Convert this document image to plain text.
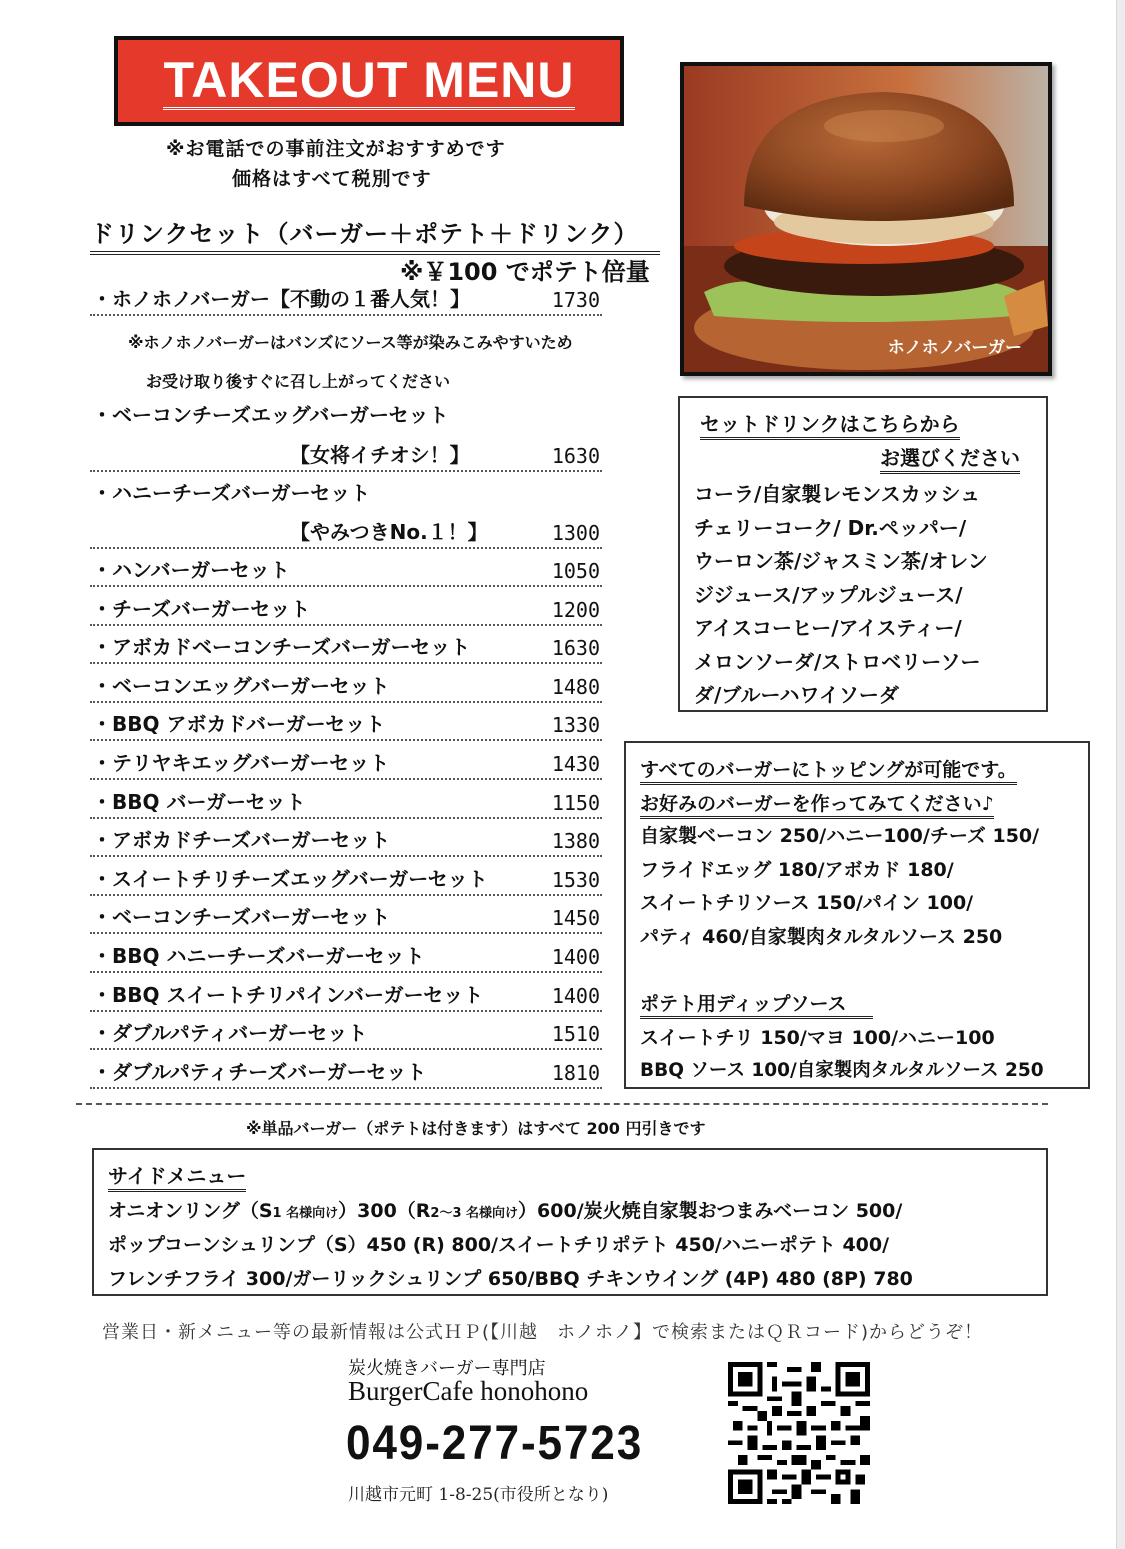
TAKEOUT MENU
※お電話での事前注文がおすすめです
価格はすべて税別です
ドリンクセット（バーガー＋ポテト＋ドリンク）
※￥100 でポテト倍量
・ホノホノバーガー【不動の１番人気！】	1730
※ホノホノバーガーはバンズにソース等が染みこみやすいため
お受け取り後すぐに召し上がってください
・ベーコンチーズエッグバーガーセット
【女将イチオシ！】	1630
・ハニーチーズバーガーセット
【やみつきNo.１！】	1300
・ハンバーガーセット	1050
・チーズバーガーセット	1200
・アボカドベーコンチーズバーガーセット	1630
・ベーコンエッグバーガーセット	1480
・BBQ アボカドバーガーセット	1330
・テリヤキエッグバーガーセット	1430
・BBQ バーガーセット	1150
・アボカドチーズバーガーセット	1380
・スイートチリチーズエッグバーガーセット	1530
・ベーコンチーズバーガーセット	1450
・BBQ ハニーチーズバーガーセット	1400
・BBQ スイートチリパインバーガーセット	1400
・ダブルパティバーガーセット	1510
・ダブルパティチーズバーガーセット	1810
ホノホノバーガー
セットドリンクはこちらから
お選びください
コーラ/自家製レモンスカッシュ
チェリーコーク/ Dr.ペッパー/
ウーロン茶/ジャスミン茶/オレン
ジジュース/アップルジュース/
アイスコーヒー/アイスティー/
メロンソーダ/ストロベリーソー
ダ/ブルーハワイソーダ
すべてのバーガーにトッピングが可能です。
お好みのバーガーを作ってみてください♪
自家製ベーコン 250/ハニー100/チーズ 150/
フライドエッグ 180/アボカド 180/
スイートチリソース 150/パイン 100/
パティ 460/自家製肉タルタルソース 250
ポテト用ディップソース
スイートチリ 150/マヨ 100/ハニー100
BBQ ソース 100/自家製肉タルタルソース 250
※単品バーガー（ポテトは付きます）はすべて 200 円引きです
サイドメニュー
オニオンリング（S1 名様向け）300（R2～3 名様向け）600/炭火焼自家製おつまみベーコン 500/
ポップコーンシュリンプ（S）450 (R) 800/スイートチリポテト 450/ハニーポテト 400/
フレンチフライ 300/ガーリックシュリンプ 650/BBQ チキンウイング (4P) 480 (8P) 780
営業日・新メニュー等の最新情報は公式ＨＰ(【川越　ホノホノ】で検索またはＱＲコード)からどうぞ！
炭火焼きバーガー専門店
BurgerCafe honohono
049-277-5723
川越市元町 1-8-25(市役所となり)
